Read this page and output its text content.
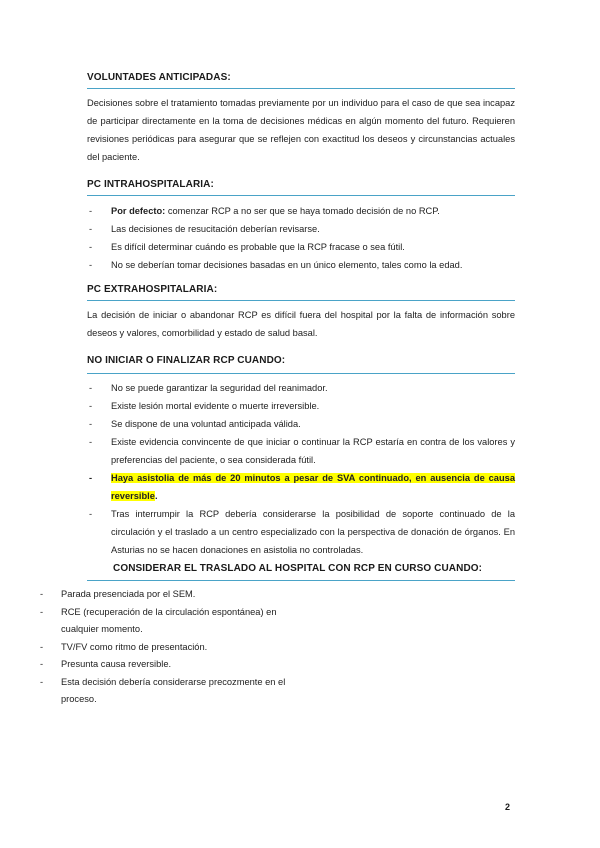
VOLUNTADES ANTICIPADAS:
Decisiones sobre el tratamiento tomadas previamente por un individuo para el caso de que sea incapaz de participar directamente en la toma de decisiones médicas en algún momento del futuro. Requieren revisiones periódicas para asegurar que se reflejen con exactitud los deseos y circunstancias actuales del paciente.
PC INTRAHOSPITALARIA:
- Por defecto: comenzar RCP a no ser que se haya tomado decisión de no RCP.
- Las decisiones de resucitación deberían revisarse.
- Es difícil determinar cuándo es probable que la RCP fracase o sea fútil.
- No se deberían tomar decisiones basadas en un único elemento, tales como la edad.
PC EXTRAHOSPITALARIA:
La decisión de iniciar o abandonar RCP es difícil fuera del hospital por la falta de información sobre deseos y valores, comorbilidad y estado de salud basal.
NO INICIAR O FINALIZAR RCP CUANDO:
- No se puede garantizar la seguridad del reanimador.
- Existe lesión mortal evidente o muerte irreversible.
- Se dispone de una voluntad anticipada válida.
- Existe evidencia convincente de que iniciar o continuar la RCP estaría en contra de los valores y preferencias del paciente, o sea considerada fútil.
- Haya asistolia de más de 20 minutos a pesar de SVA continuado, en ausencia de causa reversible.
- Tras interrumpir la RCP debería considerarse la posibilidad de soporte continuado de la circulación y el traslado a un centro especializado con la perspectiva de donación de órganos. En Asturias no se hacen donaciones en asistolia no controladas.
CONSIDERAR EL TRASLADO AL HOSPITAL CON RCP EN CURSO CUANDO:
- Parada presenciada por el SEM.
- RCE (recuperación de la circulación espontánea) en cualquier momento.
- TV/FV como ritmo de presentación.
- Presunta causa reversible.
- Esta decisión debería considerarse precozmente en el proceso.
2
